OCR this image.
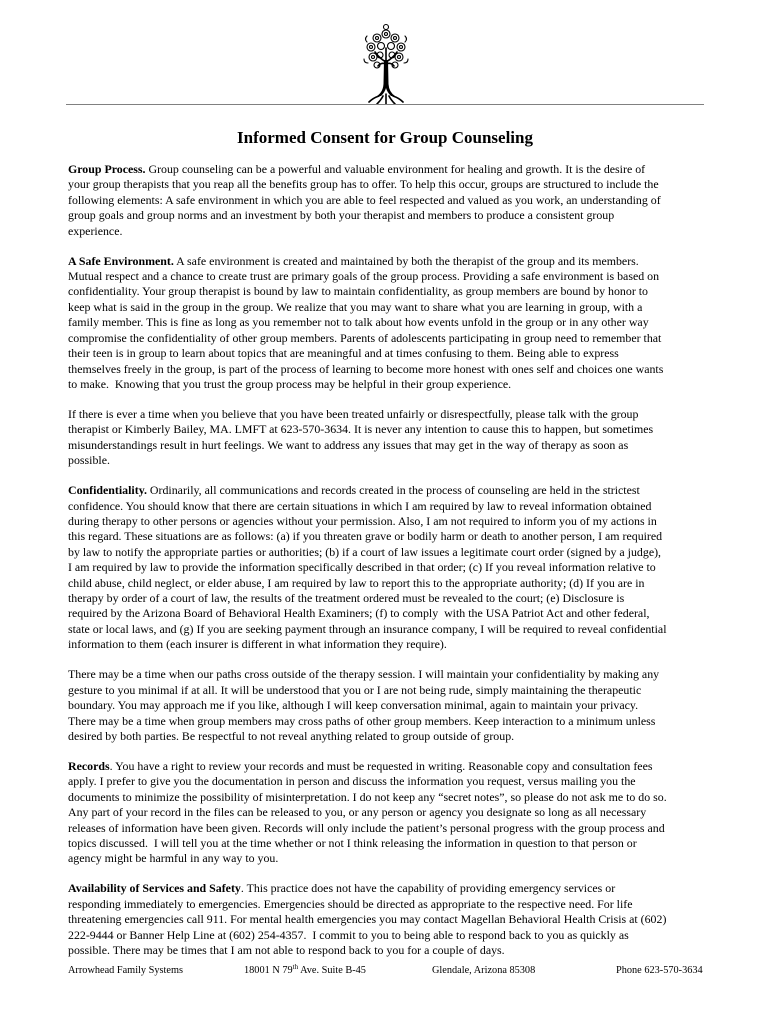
Informed Consent for Group Counseling

Group Process. Group counseling can be a powerful and valuable environment for healing and growth. It is the desire of
your group therapists that you reap all the benefits group has to offer. To help this occur, groups are structured to include the
following elements: A safe environment in which you are able to feel respected and valued as you work, an understanding of
group goals and group norms and an investment by both your therapist and members to produce a consistent group
experience.

A Safe Environment. A safe environment is created and maintained by both the therapist of the group and its members.
Mutual respect and a chance to create trust are primary goals of the group process. Providing a safe environment is based on
confidentiality. Your group therapist is bound by law to maintain confidentiality, as group members are bound by honor to
keep what is said in the group in the group. We realize that you may want to share what you are learning in group, with a
family member. This is fine as long as you remember not to talk about how events unfold in the group or in any other way
compromise the confidentiality of other group members. Parents of adolescents participating in group need to remember that
their teen is in group to learn about topics that are meaningful and at times confusing to them. Being able to express
themselves freely in the group, is part of the process of learning to become more honest with ones self and choices one wants
to make.  Knowing that you trust the group process may be helpful in their group experience.

If there is ever a time when you believe that you have been treated unfairly or disrespectfully, please talk with the group
therapist or Kimberly Bailey, MA. LMFT at 623-570-3634. It is never any intention to cause this to happen, but sometimes
misunderstandings result in hurt feelings. We want to address any issues that may get in the way of therapy as soon as
possible.

Confidentiality. Ordinarily, all communications and records created in the process of counseling are held in the strictest
confidence. You should know that there are certain situations in which I am required by law to reveal information obtained
during therapy to other persons or agencies without your permission. Also, I am not required to inform you of my actions in
this regard. These situations are as follows: (a) if you threaten grave or bodily harm or death to another person, I am required
by law to notify the appropriate parties or authorities; (b) if a court of law issues a legitimate court order (signed by a judge),
I am required by law to provide the information specifically described in that order; (c) If you reveal information relative to
child abuse, child neglect, or elder abuse, I am required by law to report this to the appropriate authority; (d) If you are in
therapy by order of a court of law, the results of the treatment ordered must be revealed to the court; (e) Disclosure is
required by the Arizona Board of Behavioral Health Examiners; (f) to comply  with the USA Patriot Act and other federal,
state or local laws, and (g) If you are seeking payment through an insurance company, I will be required to reveal confidential
information to them (each insurer is different in what information they require).

There may be a time when our paths cross outside of the therapy session. I will maintain your confidentiality by making any
gesture to you minimal if at all. It will be understood that you or I are not being rude, simply maintaining the therapeutic
boundary. You may approach me if you like, although I will keep conversation minimal, again to maintain your privacy.
There may be a time when group members may cross paths of other group members. Keep interaction to a minimum unless
desired by both parties. Be respectful to not reveal anything related to group outside of group.

Records. You have a right to review your records and must be requested in writing. Reasonable copy and consultation fees
apply. I prefer to give you the documentation in person and discuss the information you request, versus mailing you the
documents to minimize the possibility of misinterpretation. I do not keep any “secret notes”, so please do not ask me to do so.
Any part of your record in the files can be released to you, or any person or agency you designate so long as all necessary
releases of information have been given. Records will only include the patient’s personal progress with the group process and
topics discussed.  I will tell you at the time whether or not I think releasing the information in question to that person or
agency might be harmful in any way to you.

Availability of Services and Safety. This practice does not have the capability of providing emergency services or
responding immediately to emergencies. Emergencies should be directed as appropriate to the respective need. For life
threatening emergencies call 911. For mental health emergencies you may contact Magellan Behavioral Health Crisis at (602)
222-9444 or Banner Help Line at (602) 254-4357.  I commit to you to being able to respond back to you as quickly as
possible. There may be times that I am not able to respond back to you for a couple of days.

Arrowhead Family Systems	18001 N 79th Ave. Suite B-45	Glendale, Arizona 85308	Phone 623-570-3634
